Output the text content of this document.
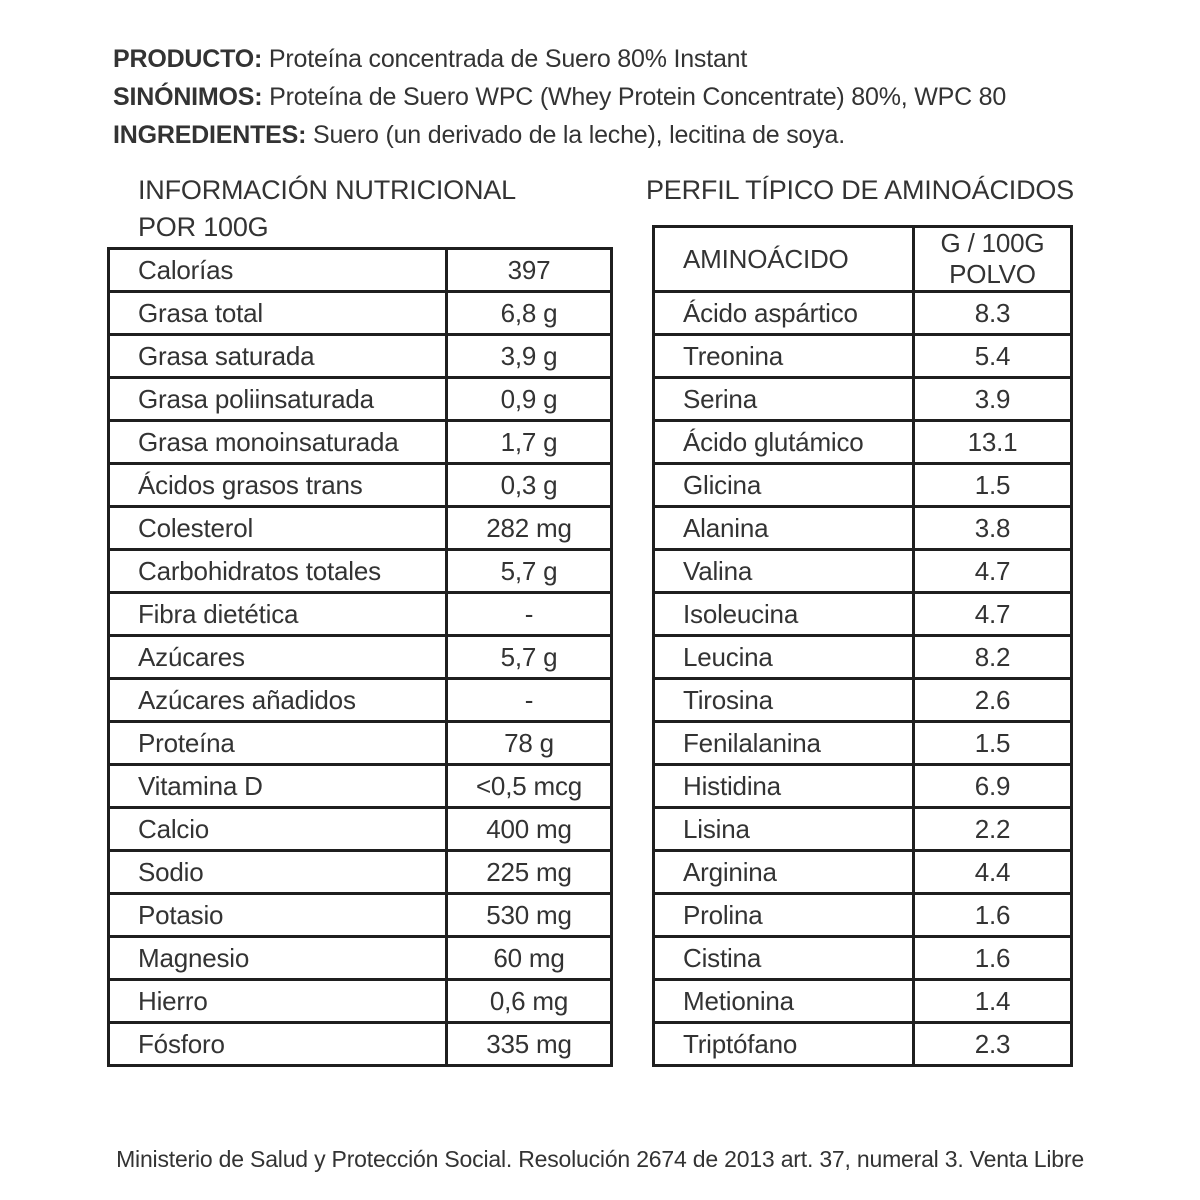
PRODUCTO: Proteína concentrada de Suero 80% Instant

SINÓNIMOS: Proteína de Suero WPC (Whey Protein Concentrate) 80%, WPC 80

INGREDIENTES: Suero (un derivado de la leche), lecitina de soya.

INFORMACIÓN NUTRICIONAL
POR 100G
Calorías	397
Grasa total	6,8 g
Grasa saturada	3,9 g
Grasa poliinsaturada	0,9 g
Grasa monoinsaturada	1,7 g
Ácidos grasos trans	0,3 g
Colesterol	282 mg
Carbohidratos totales	5,7 g
Fibra dietética	-
Azúcares	5,7 g
Azúcares añadidos	-
Proteína	78 g
Vitamina D	<0,5 mcg
Calcio	400 mg
Sodio	225 mg
Potasio	530 mg
Magnesio	60 mg
Hierro	0,6 mg
Fósforo	335 mg
PERFIL TÍPICO DE AMINOÁCIDOS
AMINOÁCIDO	G / 100G
POLVO

Ácido aspártico	8.3
Treonina	5.4
Serina	3.9
Ácido glutámico	13.1
Glicina	1.5
Alanina	3.8
Valina	4.7
Isoleucina	4.7
Leucina	8.2
Tirosina	2.6
Fenilalanina	1.5
Histidina	6.9
Lisina	2.2
Arginina	4.4
Prolina	1.6
Cistina	1.6
Metionina	1.4
Triptófano	2.3
Ministerio de Salud y Protección Social. Resolución 2674 de 2013 art. 37, numeral 3. Venta Libre
